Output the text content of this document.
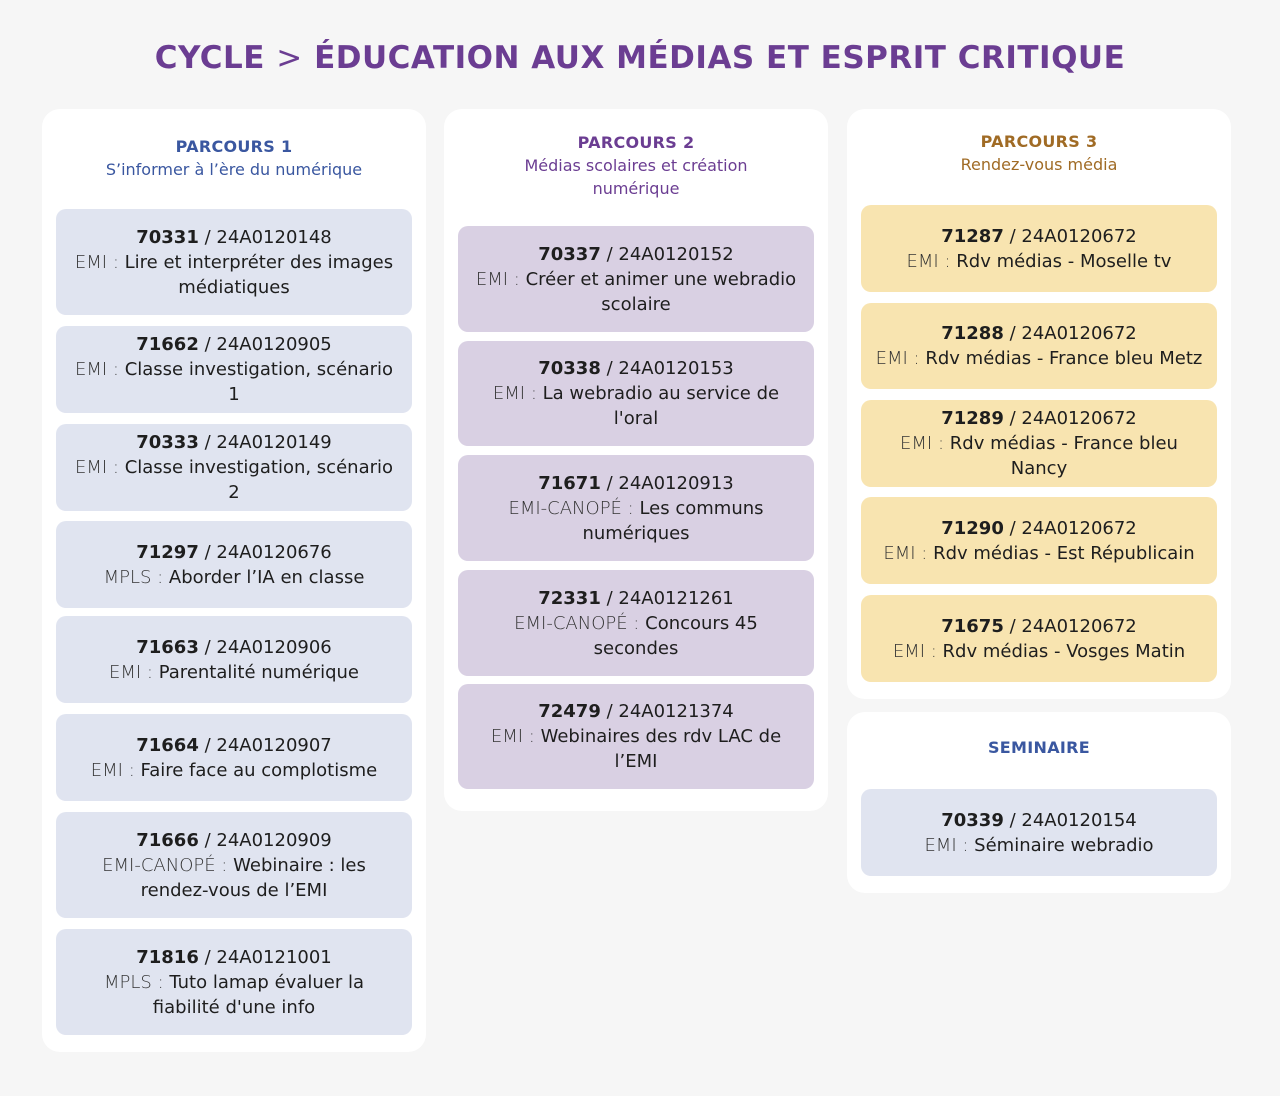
CYCLE > ÉDUCATION AUX MÉDIAS ET ESPRIT CRITIQUE
PARCOURS 1
S’informer à l’ère du numérique
70331 / 24A0120148
EMI : Lire et interpréter des images médiatiques
71662 / 24A0120905
EMI : Classe investigation, scénario 1
70333 / 24A0120149
EMI : Classe investigation, scénario 2
71297 / 24A0120676
MPLS : Aborder l’IA en classe
71663 / 24A0120906
EMI : Parentalité numérique
71664 / 24A0120907
EMI : Faire face au complotisme
71666 / 24A0120909
EMI-CANOPÉ : Webinaire : les rendez-vous de l’EMI
71816 / 24A0121001
MPLS : Tuto lamap évaluer la fiabilité d'une info
PARCOURS 2
Médias scolaires et création numérique
70337 / 24A0120152
EMI : Créer et animer une webradio scolaire
70338 / 24A0120153
EMI : La webradio au service de l'oral
71671 / 24A0120913
EMI-CANOPÉ : Les communs numériques
72331 / 24A0121261
EMI-CANOPÉ : Concours 45 secondes
72479 / 24A0121374
EMI : Webinaires des rdv LAC de l’EMI
PARCOURS 3
Rendez-vous média
71287 / 24A0120672
EMI : Rdv médias - Moselle tv
71288 / 24A0120672
EMI : Rdv médias - France bleu Metz
71289 / 24A0120672
EMI : Rdv médias - France bleu Nancy
71290 / 24A0120672
EMI : Rdv médias - Est Républicain
71675 / 24A0120672
EMI : Rdv médias - Vosges Matin
SEMINAIRE
70339 / 24A0120154
EMI : Séminaire webradio
